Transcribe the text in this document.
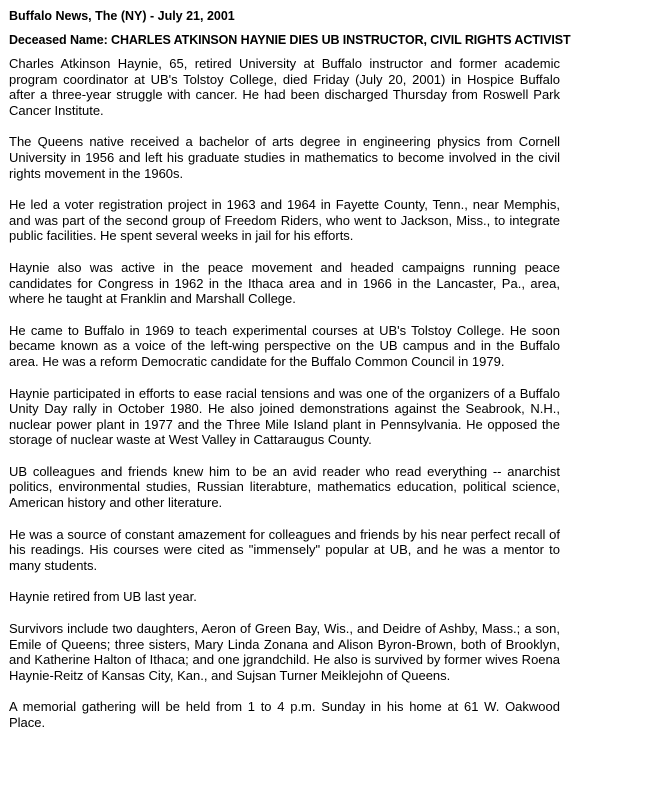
Buffalo News, The (NY) - July 21, 2001
Deceased Name: CHARLES ATKINSON HAYNIE DIES UB INSTRUCTOR, CIVIL RIGHTS ACTIVIST

Charles Atkinson Haynie, 65, retired University at Buffalo instructor and former academic program coordinator at UB's Tolstoy College, died Friday (July 20, 2001) in Hospice Buffalo after a three-year struggle with cancer. He had been discharged Thursday from Roswell Park Cancer Institute.

The Queens native received a bachelor of arts degree in engineering physics from Cornell University in 1956 and left his graduate studies in mathematics to become involved in the civil rights movement in the 1960s.

He led a voter registration project in 1963 and 1964 in Fayette County, Tenn., near Memphis, and was part of the second group of Freedom Riders, who went to Jackson, Miss., to integrate public facilities. He spent several weeks in jail for his efforts.

Haynie also was active in the peace movement and headed campaigns running peace candidates for Congress in 1962 in the Ithaca area and in 1966 in the Lancaster, Pa., area, where he taught at Franklin and Marshall College.

He came to Buffalo in 1969 to teach experimental courses at UB's Tolstoy College. He soon became known as a voice of the left-wing perspective on the UB campus and in the Buffalo area. He was a reform Democratic candidate for the Buffalo Common Council in 1979.

Haynie participated in efforts to ease racial tensions and was one of the organizers of a Buffalo Unity Day rally in October 1980. He also joined demonstrations against the Seabrook, N.H., nuclear power plant in 1977 and the Three Mile Island plant in Pennsylvania. He opposed the storage of nuclear waste at West Valley in Cattaraugus County.

UB colleagues and friends knew him to be an avid reader who read everything -- anarchist politics, environmental studies, Russian literabture, mathematics education, political science, American history and other literature.

He was a source of constant amazement for colleagues and friends by his near perfect recall of his readings. His courses were cited as "immensely" popular at UB, and he was a mentor to many students.

Haynie retired from UB last year.

Survivors include two daughters, Aeron of Green Bay, Wis., and Deidre of Ashby, Mass.; a son, Emile of Queens; three sisters, Mary Linda Zonana and Alison Byron-Brown, both of Brooklyn, and Katherine Halton of Ithaca; and one jgrandchild. He also is survived by former wives Roena Haynie-Reitz of Kansas City, Kan., and Sujsan Turner Meiklejohn of Queens.

A memorial gathering will be held from 1 to 4 p.m. Sunday in his home at 61 W. Oakwood Place.
